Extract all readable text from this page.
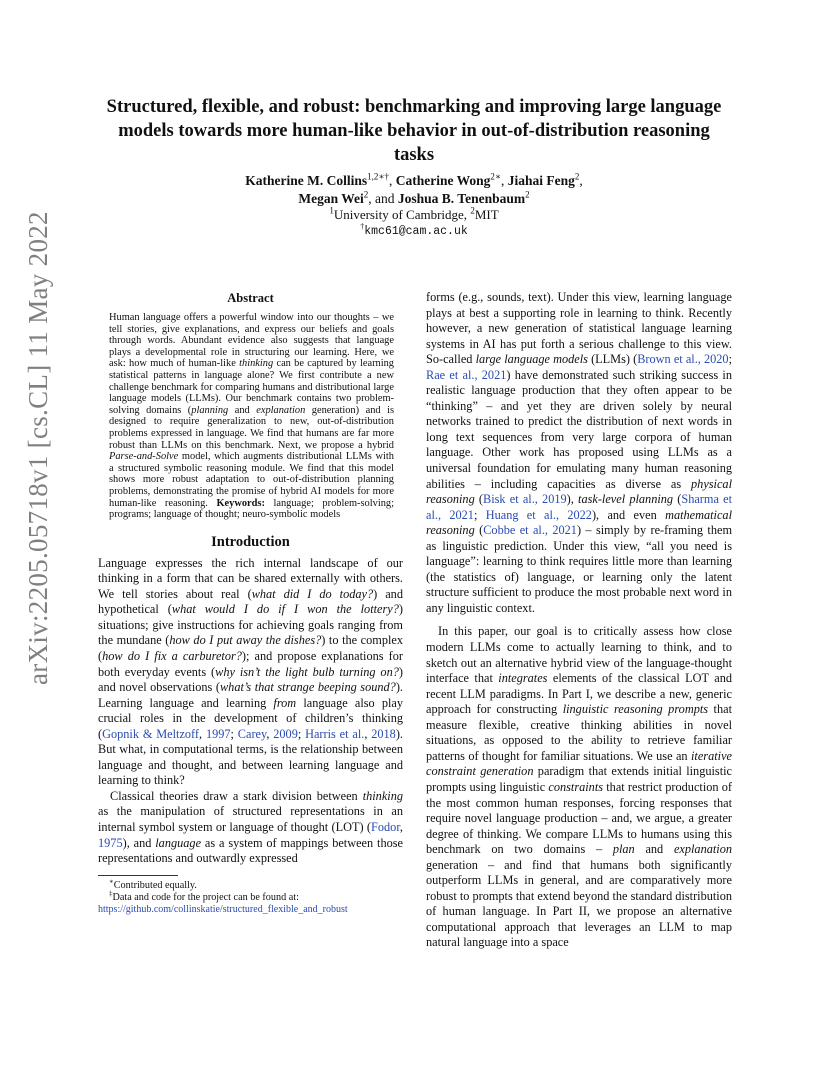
arXiv:2205.05718v1 [cs.CL] 11 May 2022
Structured, flexible, and robust: benchmarking and improving large language models towards more human-like behavior in out-of-distribution reasoning tasks
Katherine M. Collins$^{1,2∗\dagger}$, Catherine Wong$^{2∗}$, Jiahai Feng$^2$,
Megan Wei$^2$, and Joshua B. Tenenbaum$^2$
$^1$University of Cambridge, $^2$MIT
†kmc61@cam.ac.uk
Abstract

Human language offers a powerful window into our thoughts – we tell stories, give explanations, and express our beliefs and goals through words. Abundant evidence also suggests that language plays a developmental role in structuring our learning. Here, we ask: how much of human-like thinking can be captured by learning statistical patterns in language alone? We first contribute a new challenge benchmark for comparing humans and distributional large language models (LLMs). Our benchmark contains two problem-solving domains (planning and explanation generation) and is designed to require generalization to new, out-of-distribution problems expressed in language. We find that humans are far more robust than LLMs on this benchmark. Next, we propose a hybrid Parse-and-Solve model, which augments distributional LLMs with a structured symbolic reasoning module. We find that this model shows more robust adaptation to out-of-distribution planning problems, demonstrating the promise of hybrid AI models for more human-like reasoning. Keywords: language; problem-solving; programs; language of thought; neuro-symbolic models

Introduction

Language expresses the rich internal landscape of our thinking in a form that can be shared externally with others. We tell stories about real (what did I do today?) and hypothetical (what would I do if I won the lottery?) situations; give instructions for achieving goals ranging from the mundane (how do I put away the dishes?) to the complex (how do I fix a carburetor?); and propose explanations for both everyday events (why isn’t the light bulb turning on?) and novel observations (what’s that strange beeping sound?). Learning language and learning from language also play crucial roles in the development of children’s thinking (Gopnik & Meltzoff, 1997; Carey, 2009; Harris et al., 2018). But what, in computational terms, is the relationship between language and thought, and between learning language and learning to think?

Classical theories draw a stark division between thinking as the manipulation of structured representations in an internal symbol system or language of thought (LOT) (Fodor, 1975), and language as a system of mappings between those representations and outwardly expressed

∗Contributed equally.

‡Data and code for the project can be found at:

https://github.com/collinskatie/structured_flexible_and_robust

forms (e.g., sounds, text). Under this view, learning language plays at best a supporting role in learning to think. Recently however, a new generation of statistical language learning systems in AI has put forth a serious challenge to this view. So-called large language models (LLMs) (Brown et al., 2020; Rae et al., 2021) have demonstrated such striking success in realistic language production that they often appear to be “thinking” – and yet they are driven solely by neural networks trained to predict the distribution of next words in long text sequences from very large corpora of human language. Other work has proposed using LLMs as a universal foundation for emulating many human reasoning abilities – including capacities as diverse as physical reasoning (Bisk et al., 2019), task-level planning (Sharma et al., 2021; Huang et al., 2022), and even mathematical reasoning (Cobbe et al., 2021) – simply by re-framing them as linguistic prediction. Under this view, “all you need is language”: learning to think requires little more than learning (the statistics of) language, or learning only the latent structure sufficient to produce the most probable next word in any linguistic context.

In this paper, our goal is to critically assess how close modern LLMs come to actually learning to think, and to sketch out an alternative hybrid view of the language-thought interface that integrates elements of the classical LOT and recent LLM paradigms. In Part I, we describe a new, generic approach for constructing linguistic reasoning prompts that measure flexible, creative thinking abilities in novel situations, as opposed to the ability to retrieve familiar patterns of thought for familiar situations. We use an iterative constraint generation paradigm that extends initial linguistic prompts using linguistic constraints that restrict production of the most common human responses, forcing responses that require novel language production – and, we argue, a greater degree of thinking. We compare LLMs to humans using this benchmark on two domains – plan and explanation generation – and find that humans both significantly outperform LLMs in general, and are comparatively more robust to prompts that extend beyond the standard distribution of human language. In Part II, we propose an alternative computational approach that leverages an LLM to map natural language into a space
